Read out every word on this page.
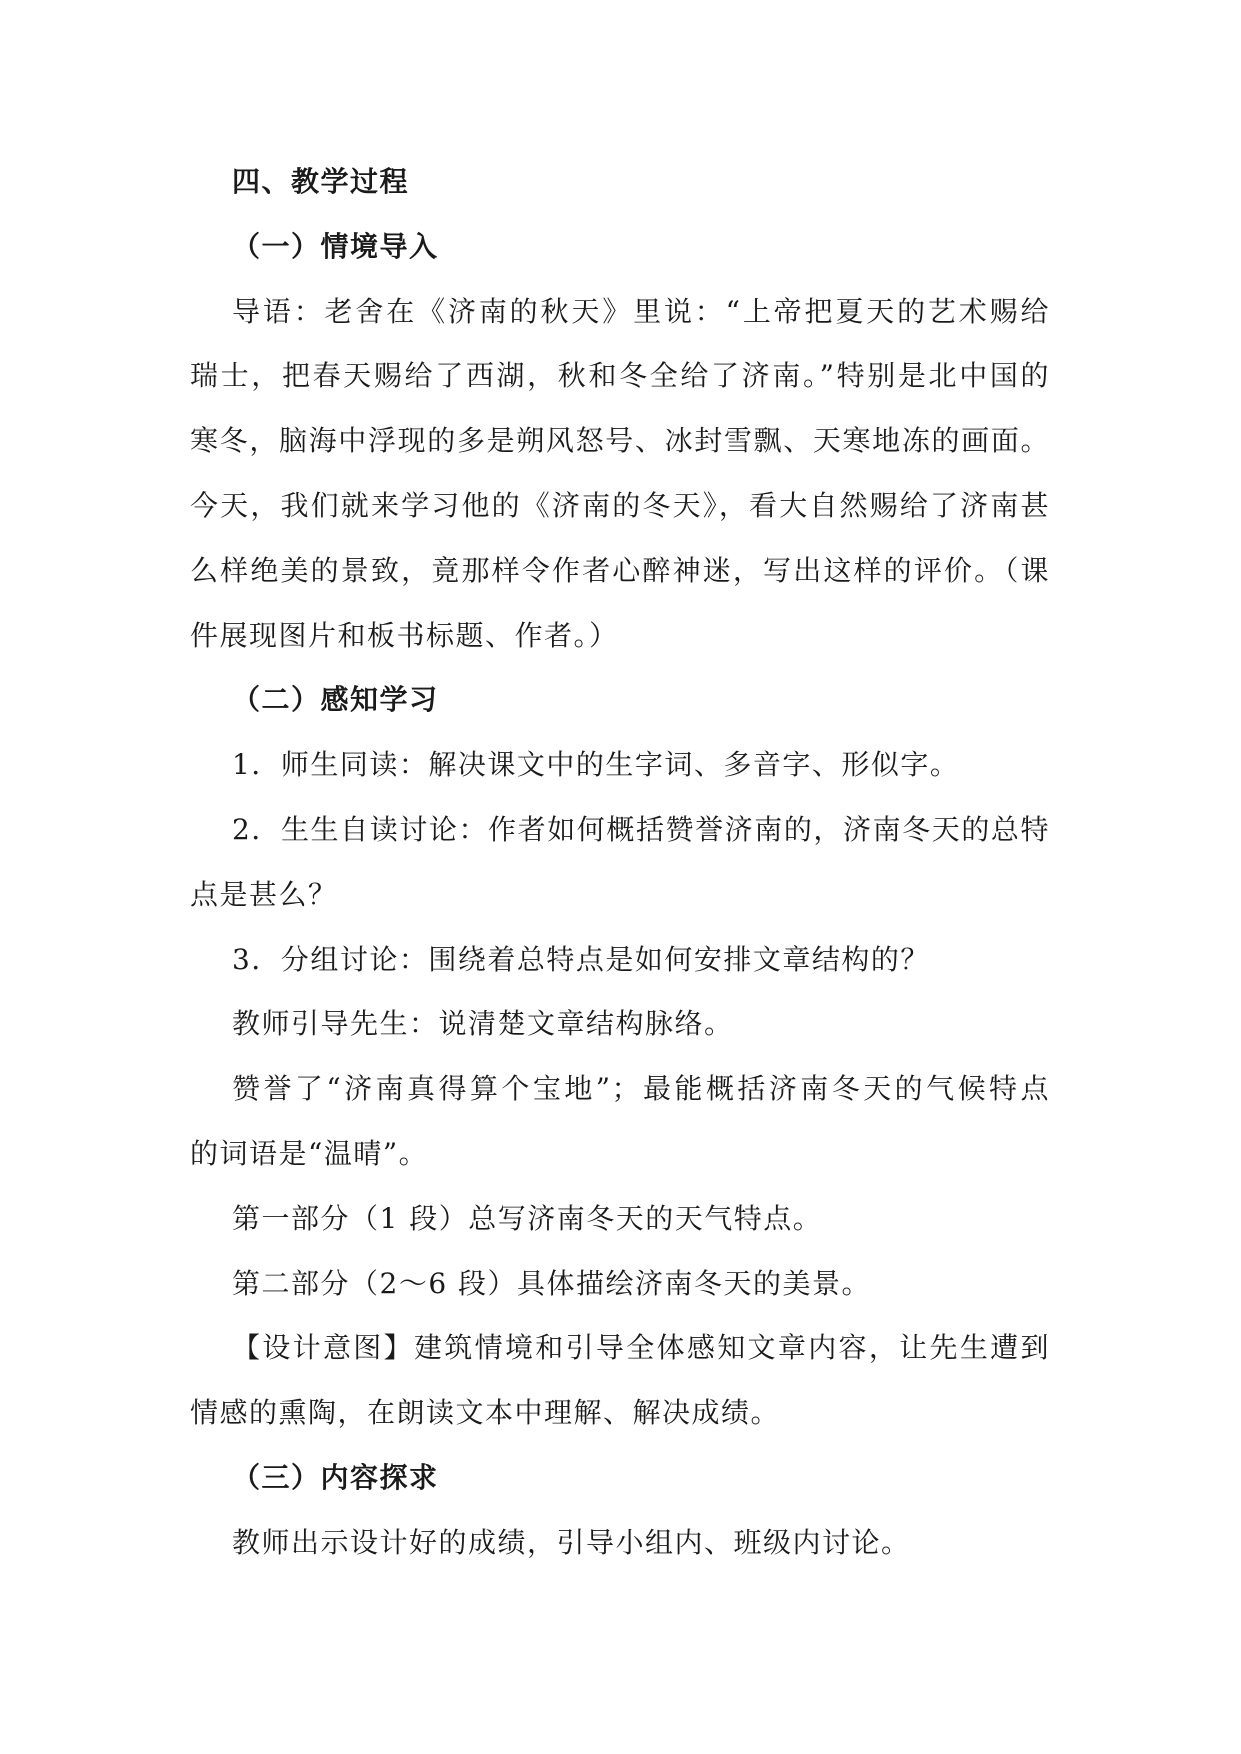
四、教学过程
（一）情境导入
导语：老舍在《济南的秋天》里说：“上帝把夏天的艺术赐给
瑞士，把春天赐给了西湖，秋和冬全给了济南。”特别是北中国的
寒冬，脑海中浮现的多是朔风怒号、冰封雪飘、天寒地冻的画面。
今天，我们就来学习他的《济南的冬天》，看大自然赐给了济南甚
么样绝美的景致，竟那样令作者心醉神迷，写出这样的评价。（课
件展现图片和板书标题、作者。）
（二）感知学习
1．师生同读：解决课文中的生字词、多音字、形似字。
2．生生自读讨论：作者如何概括赞誉济南的，济南冬天的总特
点是甚么？
3．分组讨论：围绕着总特点是如何安排文章结构的？
教师引导先生：说清楚文章结构脉络。
赞誉了“济南真得算个宝地”；最能概括济南冬天的气候特点
的词语是“温晴”。
第一部分（1 段）总写济南冬天的天气特点。
第二部分（2～6 段）具体描绘济南冬天的美景。
【设计意图】建筑情境和引导全体感知文章内容，让先生遭到
情感的熏陶，在朗读文本中理解、解决成绩。
（三）内容探求
教师出示设计好的成绩，引导小组内、班级内讨论。
